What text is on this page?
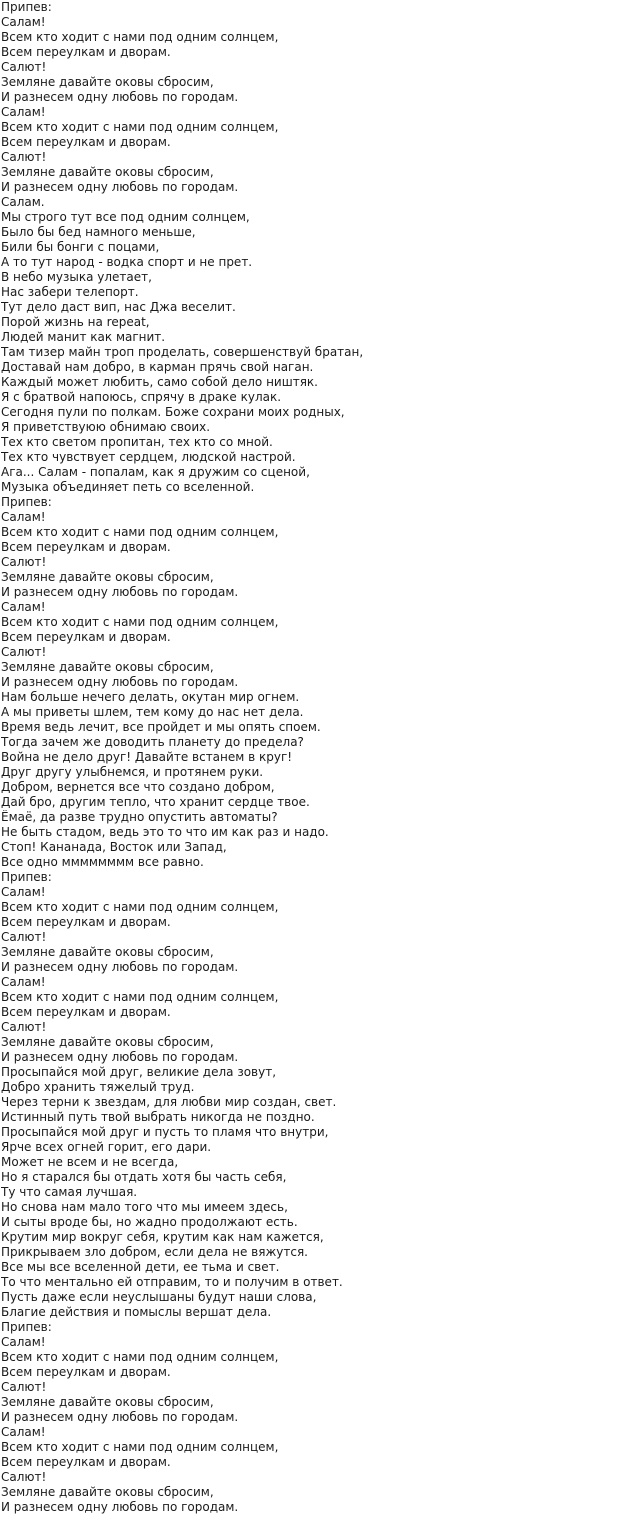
Припев:
Салам!
Всем кто ходит с нами под одним солнцем,
Всем переулкам и дворам.
Салют!
Земляне давайте оковы сбросим,
И разнесем одну любовь по городам.
Салам!
Всем кто ходит с нами под одним солнцем,
Всем переулкам и дворам.
Салют!
Земляне давайте оковы сбросим,
И разнесем одну любовь по городам.
Салам.
Мы строго тут все под одним солнцем,
Было бы бед намного меньше,
Били бы бонги с поцами,
А то тут народ - водка спорт и не прет.
В небо музыка улетает,
Нас забери телепорт.
Тут дело даст вип, нас Джа веселит.
Порой жизнь на repeat,
Людей манит как магнит.
Там тизер майн троп проделать, совершенствуй братан,
Доставай нам добро, в карман прячь свой наган.
Каждый может любить, само собой дело ништяк.
Я с братвой напоюсь, спрячу в драке кулак.
Сегодня пули по полкам. Боже сохрани моих родных,
Я приветствуюю обнимаю своих.
Тех кто светом пропитан, тех кто со мной.
Тех кто чувствует сердцем, людской настрой.
Ага... Салам - попалам, как я дружим со сценой,
Музыка объединяет петь со вселенной.
Припев:
Салам!
Всем кто ходит с нами под одним солнцем,
Всем переулкам и дворам.
Салют!
Земляне давайте оковы сбросим,
И разнесем одну любовь по городам.
Салам!
Всем кто ходит с нами под одним солнцем,
Всем переулкам и дворам.
Салют!
Земляне давайте оковы сбросим,
И разнесем одну любовь по городам.
Нам больше нечего делать, окутан мир огнем.
А мы приветы шлем, тем кому до нас нет дела.
Время ведь лечит, все пройдет и мы опять споем.
Тогда зачем же доводить планету до предела?
Война не дело друг! Давайте встанем в круг!
Друг другу улыбнемся, и протянем руки.
Добром, вернется все что создано добром,
Дай бро, другим тепло, что хранит сердце твое.
Ёмаё, да разве трудно опустить автоматы?
Не быть стадом, ведь это то что им как раз и надо.
Стоп! Кананада, Восток или Запад,
Все одно мммммммм все равно.
Припев:
Салам!
Всем кто ходит с нами под одним солнцем,
Всем переулкам и дворам.
Салют!
Земляне давайте оковы сбросим,
И разнесем одну любовь по городам.
Салам!
Всем кто ходит с нами под одним солнцем,
Всем переулкам и дворам.
Салют!
Земляне давайте оковы сбросим,
И разнесем одну любовь по городам.
Просыпайся мой друг, великие дела зовут,
Добро хранить тяжелый труд.
Через терни к звездам, для любви мир создан, свет.
Истинный путь твой выбрать никогда не поздно.
Просыпайся мой друг и пусть то пламя что внутри,
Ярче всех огней горит, его дари.
Может не всем и не всегда,
Но я старался бы отдать хотя бы часть себя,
Ту что самая лучшая.
Но снова нам мало того что мы имеем здесь,
И сыты вроде бы, но жадно продолжают есть.
Крутим мир вокруг себя, крутим как нам кажется,
Прикрываем зло добром, если дела не вяжутся.
Все мы все вселенной дети, ее тьма и свет.
То что ментально ей отправим, то и получим в ответ.
Пусть даже если неуслышаны будут наши слова,
Благие действия и помыслы вершат дела.
Припев:
Салам!
Всем кто ходит с нами под одним солнцем,
Всем переулкам и дворам.
Салют!
Земляне давайте оковы сбросим,
И разнесем одну любовь по городам.
Салам!
Всем кто ходит с нами под одним солнцем,
Всем переулкам и дворам.
Салют!
Земляне давайте оковы сбросим,
И разнесем одну любовь по городам.
